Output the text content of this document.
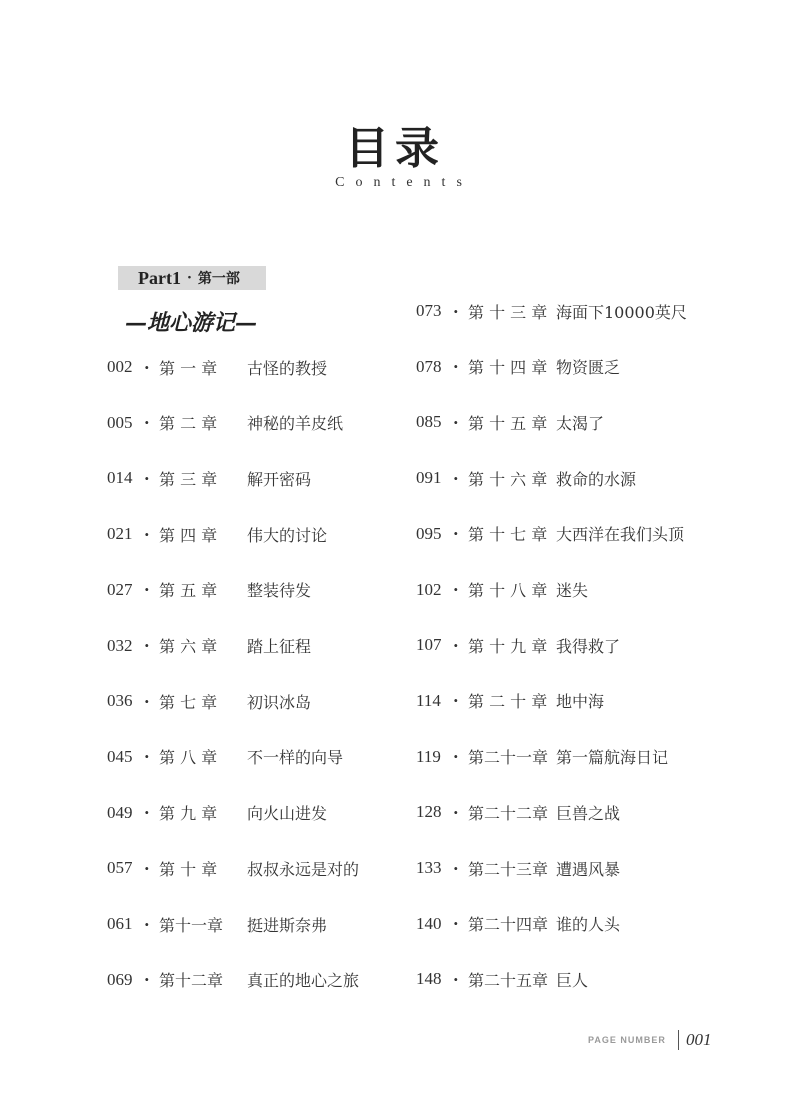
目录
Contents
Part1 · 第一部
—地心游记—
002 · 第 一 章	古怪的教授
005 · 第 二 章	神秘的羊皮纸
014 · 第 三 章	解开密码
021 · 第 四 章	伟大的讨论
027 · 第 五 章	整装待发
032 · 第 六 章	踏上征程
036 · 第 七 章	初识冰岛
045 · 第 八 章	不一样的向导
049 · 第 九 章	向火山进发
057 · 第 十 章	叔叔永远是对的
061 · 第十一章	挺进斯奈弗
069 · 第十二章	真正的地心之旅
073 · 第 十 三 章 海面下10000英尺
078 · 第 十 四 章 物资匮乏
085 · 第 十 五 章 太渴了
091 · 第 十 六 章 救命的水源
095 · 第 十 七 章 大西洋在我们头顶
102 · 第 十 八 章 迷失
107 · 第 十 九 章 我得救了
114 · 第 二 十 章 地中海
119 · 第二十一章 第一篇航海日记
128 · 第二十二章 巨兽之战
133 · 第二十三章 遭遇风暴
140 · 第二十四章 谁的人头
148 · 第二十五章 巨人
PAGE NUMBER 001
